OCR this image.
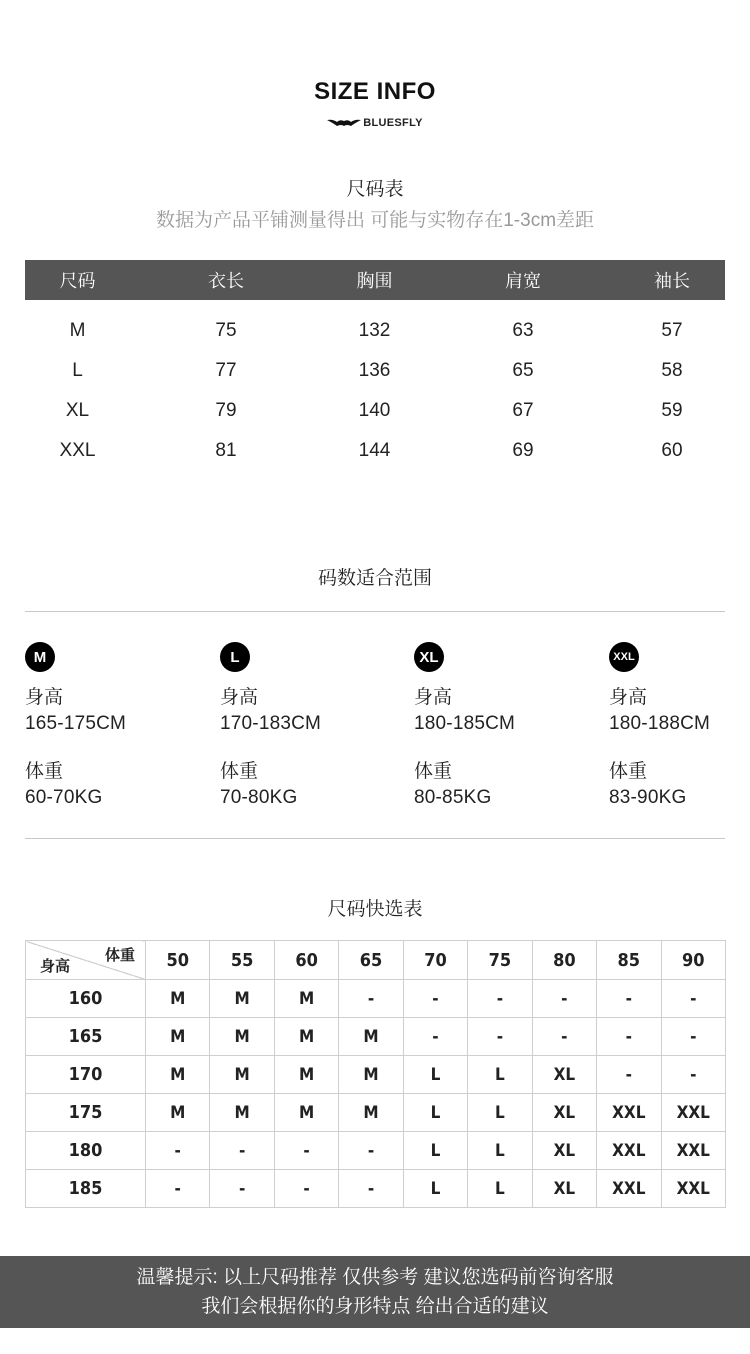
SIZE INFO
BLUESFLY
尺码表
数据为产品平铺测量得出 可能与实物存在1-3cm差距
尺码	衣长	胸围	肩宽	袖长
M	75	132	63	57
L	77	136	65	58
XL	79	140	67	59
XXL	81	144	69	60
码数适合范围
M
身高
165-175CM
体重
60-70KG
L
身高
170-183CM
体重
70-80KG
XL
身高
180-185CM
体重
80-85KG
XXL
身高
180-188CM
体重
83-90KG
尺码快选表
体重
身高	50	55	60	65	70	75	80	85	90
160	M	M	M	-	-	-	-	-	-
165	M	M	M	M	-	-	-	-	-
170	M	M	M	M	L	L	XL	-	-
175	M	M	M	M	L	L	XL	XXL	XXL
180	-	-	-	-	L	L	XL	XXL	XXL
185	-	-	-	-	L	L	XL	XXL	XXL
温馨提示: 以上尺码推荐 仅供参考 建议您选码前咨询客服
我们会根据你的身形特点 给出合适的建议
